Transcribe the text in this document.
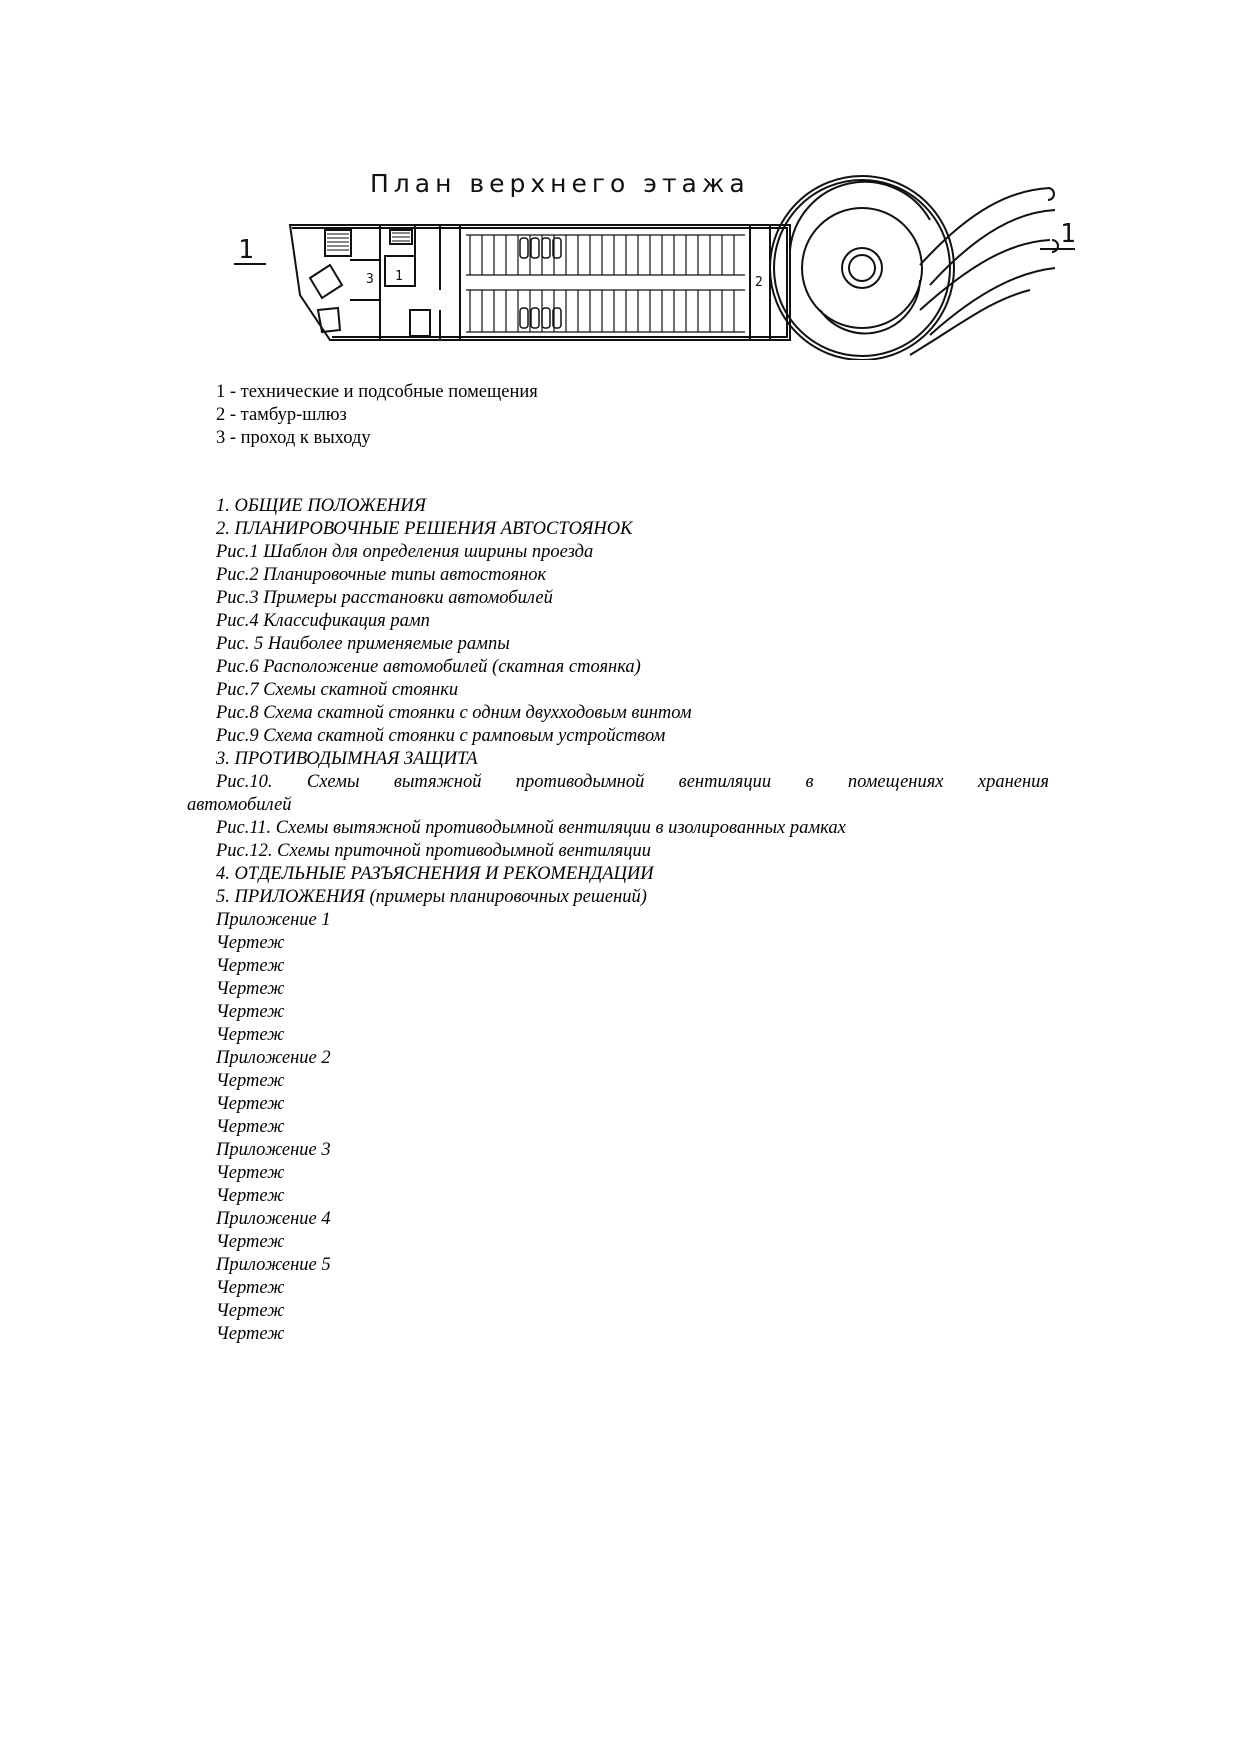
План верхнего этажа
1
1
1	2
3
1 - технические и подсобные помещения
2 - тамбур-шлюз
3 - проход к выходу
1. ОБЩИЕ ПОЛОЖЕНИЯ
2. ПЛАНИРОВОЧНЫЕ РЕШЕНИЯ АВТОСТОЯНОК
Рис.1 Шаблон для определения ширины проезда
Рис.2 Планировочные типы автостоянок
Рис.3 Примеры расстановки автомобилей
Рис.4 Классификация рамп
Рис. 5 Наиболее применяемые рампы
Рис.6 Расположение автомобилей (скатная стоянка)
Рис.7 Схемы скатной стоянки
Рис.8 Схема скатной стоянки с одним двухходовым винтом
Рис.9 Схема скатной стоянки с рамповым устройством
3. ПРОТИВОДЫМНАЯ ЗАЩИТА
Рис.10. Схемы вытяжной противодымной вентиляции в помещениях хранения
автомобилей
Рис.11. Схемы вытяжной противодымной вентиляции в изолированных рамках
Рис.12. Схемы приточной противодымной вентиляции
4. ОТДЕЛЬНЫЕ РАЗЪЯСНЕНИЯ И РЕКОМЕНДАЦИИ
5. ПРИЛОЖЕНИЯ (примеры планировочных решений)
Приложение 1
Чертеж
Чертеж
Чертеж
Чертеж
Чертеж
Приложение 2
Чертеж
Чертеж
Чертеж
Приложение 3
Чертеж
Чертеж
Приложение 4
Чертеж
Приложение 5
Чертеж
Чертеж
Чертеж
